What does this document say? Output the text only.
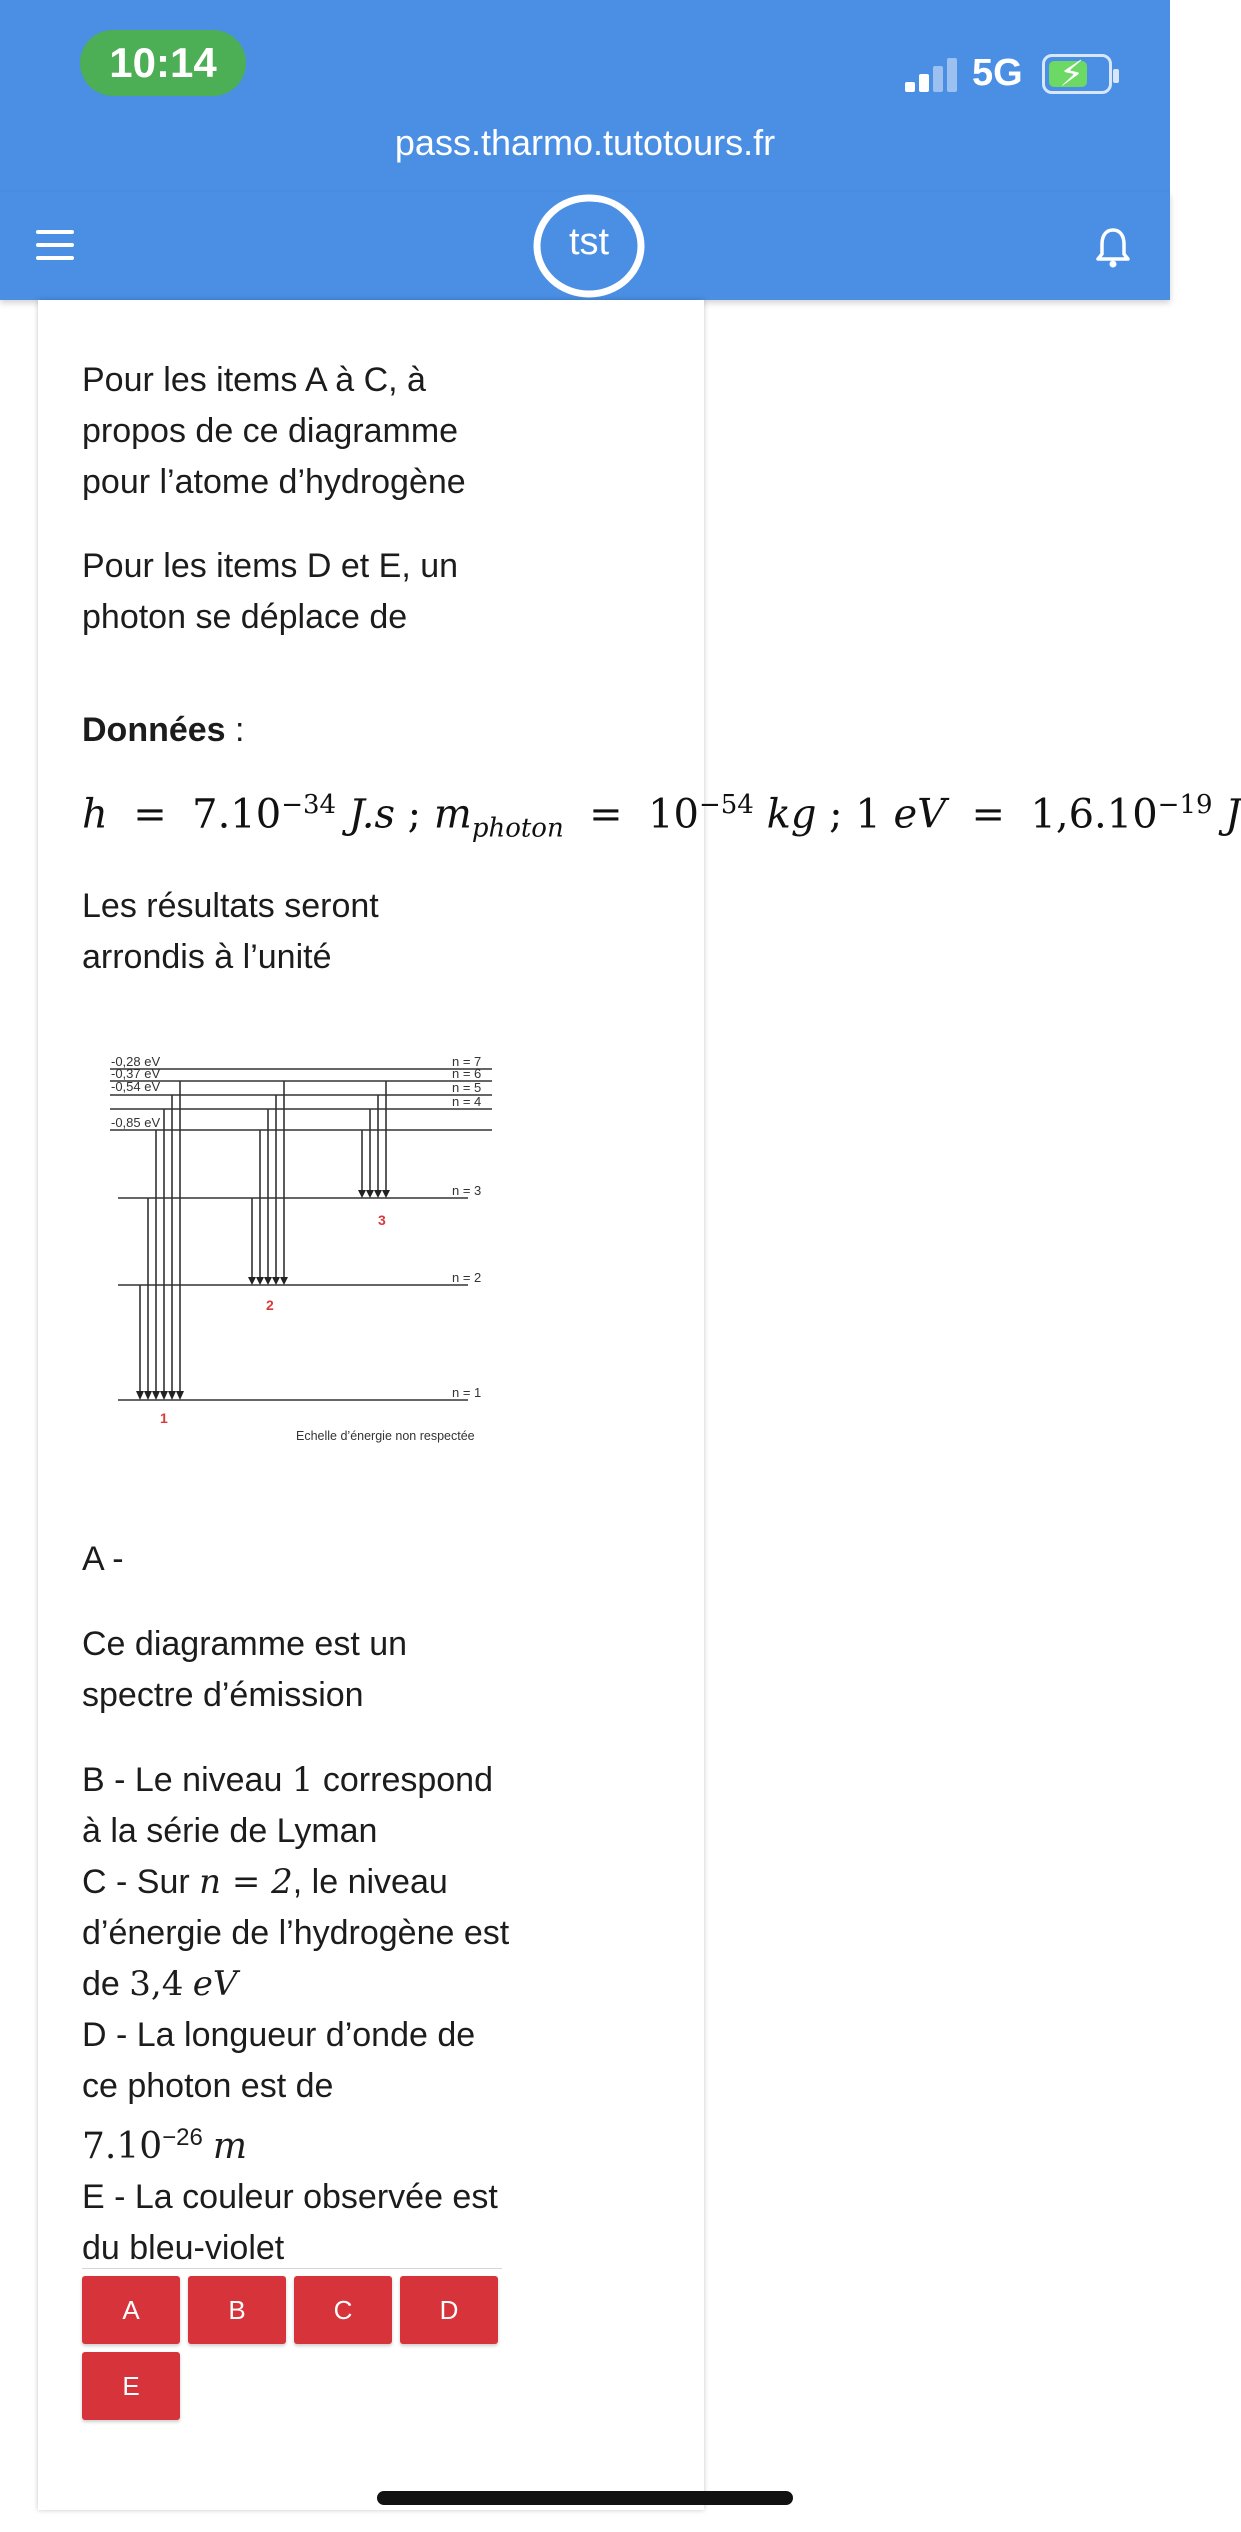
10:14	5G ⚡
pass.tharmo.tutotours.fr
tst

Pour les items A à C, à

propos de ce diagramme

pour l’atome d’hydrogène

Pour les items D et E, un

photon se déplace de

Données :

$h = 7.10^{-34}$ J.s ; $m_{photon} = 10^{-54}$ kg ; 1 eV  =  $1,6.10^{-19}$ J

Les résultats seront

arrondis à l’unité

-0,28 eV
-0,37 eV
-0,54 eV
-0,85 eV
n = 7
n = 6
n = 5
n = 4
n = 3
n = 2
n = 1
Echelle d’énergie non respectée
1
2
3

A -

Ce diagramme est un

spectre d’émission

B - Le niveau 1 correspond

à la série de Lyman

C - Sur n = 2, le niveau

d’énergie de l’hydrogène est

de 3,4 eV

D - La longueur d’onde de

ce photon est de

$7.10^{-26}$ m

E - La couleur observée est

du bleu-violet

A	B	C	D
E
